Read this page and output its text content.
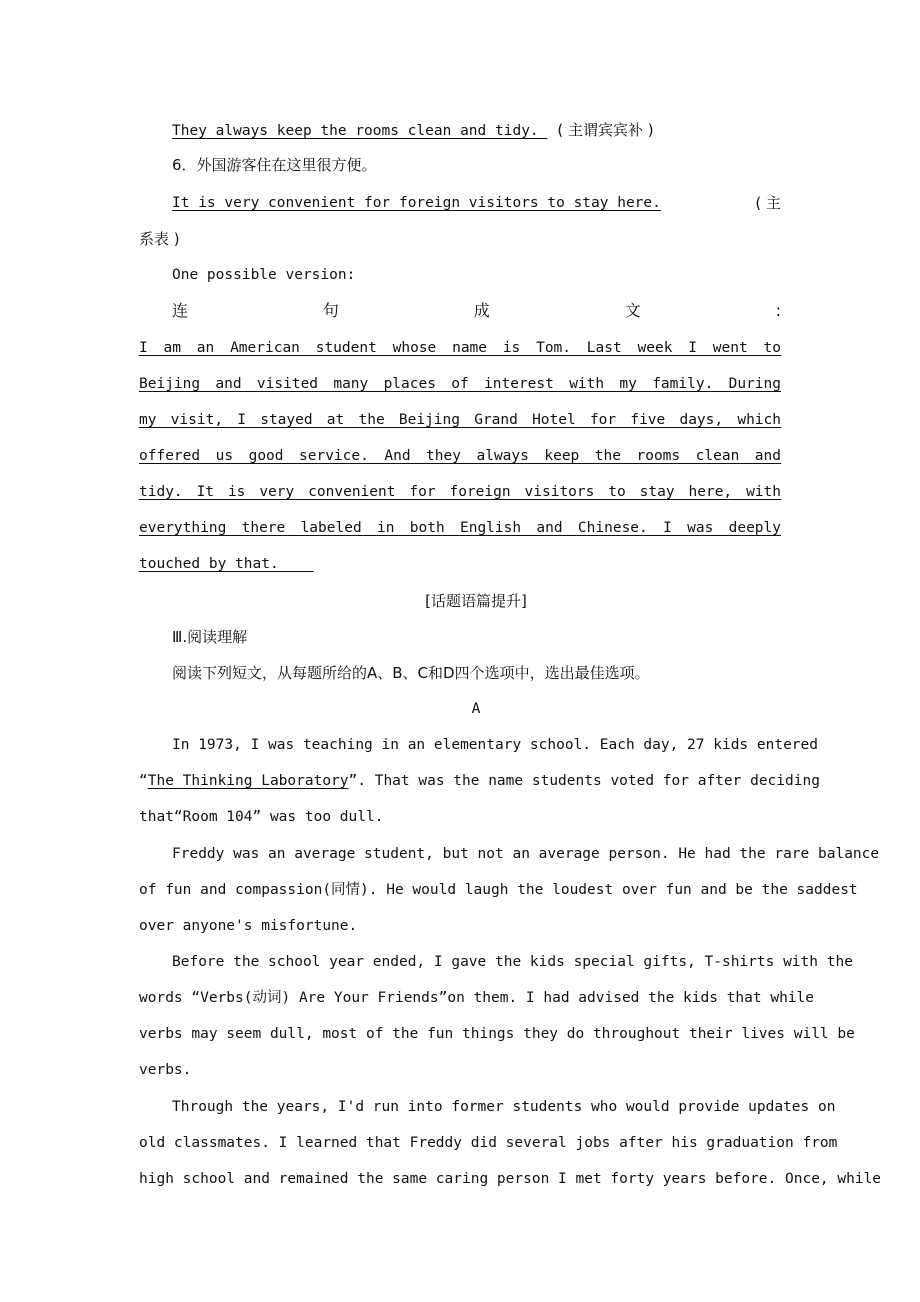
They always keep the rooms clean and tidy. ( 主谓宾宾补 )
6．外国游客住在这里很方便。
It is very convenient for foreign visitors to stay here.	( 主
系表 )
One possible version:
连 句 成 文 :
I am an American student whose name is Tom. Last week I went to
Beijing and visited many places of interest with my family. During
my visit, I stayed at the Beijing Grand Hotel for five days, which
offered us good service. And they always keep the rooms clean and
tidy. It is very convenient for foreign visitors to stay here, with
everything there labeled in both English and Chinese. I was deeply
touched by that.
[话题语篇提升]
Ⅲ.阅读理解
阅读下列短文，从每题所给的A、B、C和D四个选项中，选出最佳选项。
A
In 1973, I was teaching in an elementary school. Each day, 27 kids entered
“The Thinking Laboratory”. That was the name students voted for after deciding
that“Room 104” was too dull.
Freddy was an average student, but not an average person. He had the rare balance
of fun and compassion(同情). He would laugh the loudest over fun and be the saddest
over anyone's misfortune.
Before the school year ended, I gave the kids special gifts, T-shirts with the
words “Verbs(动词) Are Your Friends”on them. I had advised the kids that while
verbs may seem dull, most of the fun things they do throughout their lives will be
verbs.
Through the years, I'd run into former students who would provide updates on
old classmates. I learned that Freddy did several jobs after his graduation from
high school and remained the same caring person I met forty years before. Once, while
